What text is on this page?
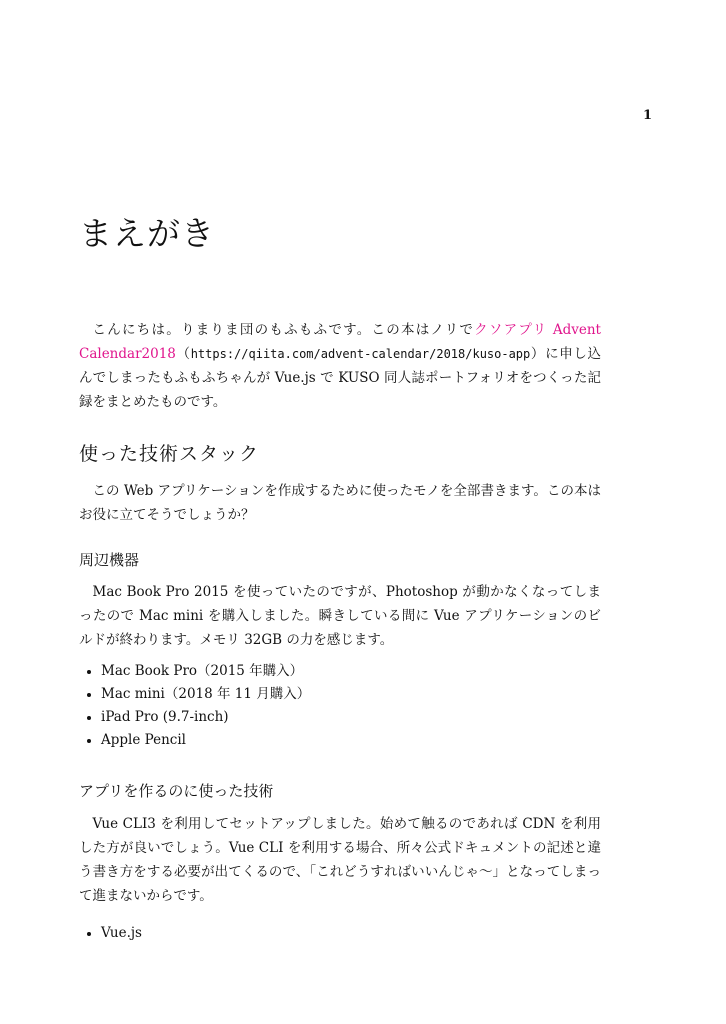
1
まえがき

こんにちは。りまりま団のもふもふです。この本はノリでクソアプリ Advent Calendar2018（https://qiita.com/advent-calendar/2018/kuso-app）に申し込んでしまったもふもふちゃんが Vue.js で KUSO 同人誌ポートフォリオをつくった記録をまとめたものです。

使った技術スタック

この Web アプリケーションを作成するために使ったモノを全部書きます。この本はお役に立てそうでしょうか？

周辺機器

Mac Book Pro 2015 を使っていたのですが、Photoshop が動かなくなってしまったので Mac mini を購入しました。瞬きしている間に Vue アプリケーションのビルドが終わります。メモリ 32GB の力を感じます。

• Mac Book Pro（2015 年購入）
• Mac mini（2018 年 11 月購入）
• iPad Pro (9.7-inch)
• Apple Pencil
アプリを作るのに使った技術

Vue CLI3 を利用してセットアップしました。始めて触るのであれば CDN を利用した方が良いでしょう。Vue CLI を利用する場合、所々公式ドキュメントの記述と違う書き方をする必要が出てくるので、「これどうすればいいんじゃ〜」となってしまって進まないからです。

• Vue.js
